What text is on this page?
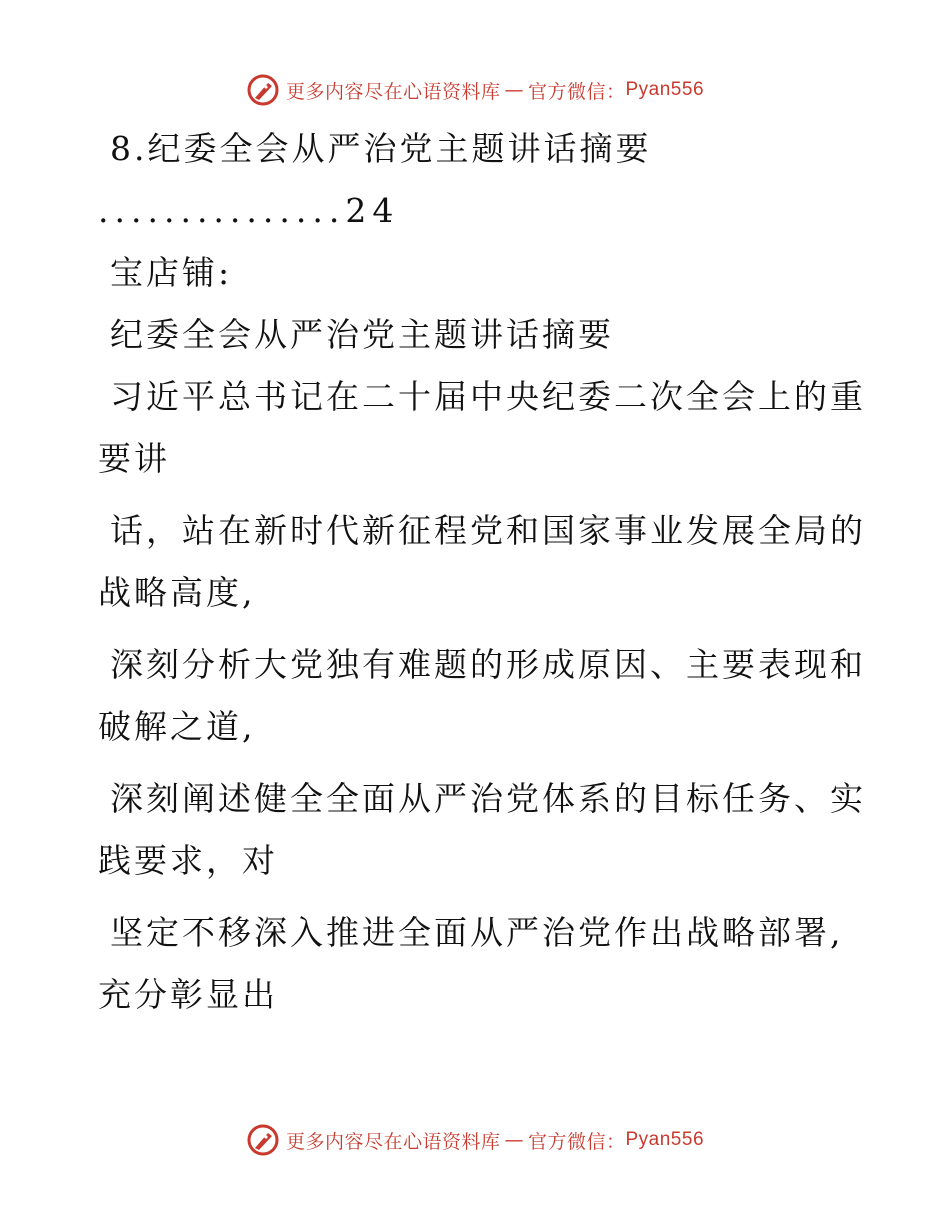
更多内容尽在心语资料库 — 官方微信： Pyan556

8.纪委全会从严治党主题讲话摘要

...............24

宝店铺:

纪委全会从严治党主题讲话摘要

习近平总书记在二十届中央纪委二次全会上的重
要讲
话，站在新时代新征程党和国家事业发展全局的
战略高度,
深刻分析大党独有难题的形成原因、主要表现和
破解之道,
深刻阐述健全全面从严治党体系的目标任务、实
践要求，对
坚定不移深入推进全面从严治党作出战略部署,
充分彰显出
更多内容尽在心语资料库 — 官方微信： Pyan556
